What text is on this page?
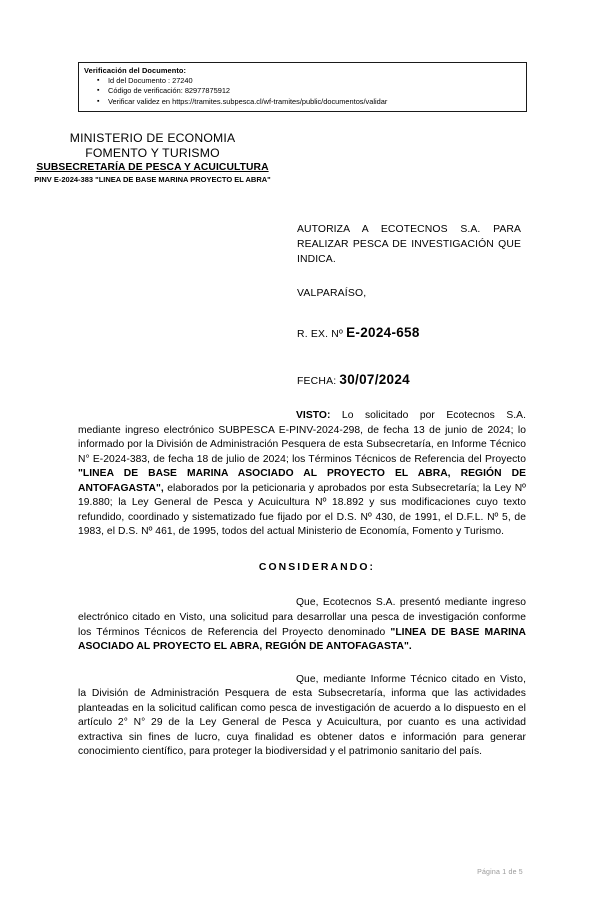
Verificación del Documento:
▪ Id del Documento : 27240
▪ Código de verificación: 82977875912
▪ Verificar validez en https://tramites.subpesca.cl/wf-tramites/public/documentos/validar
MINISTERIO DE ECONOMIA
FOMENTO Y TURISMO
SUBSECRETARÍA DE PESCA Y ACUICULTURA
PINV E-2024-383 "LINEA DE BASE MARINA PROYECTO EL ABRA"
AUTORIZA A ECOTECNOS S.A. PARA REALIZAR PESCA DE INVESTIGACIÓN QUE INDICA.
VALPARAÍSO,
R. EX. Nº E-2024-658
FECHA: 30/07/2024

VISTO: Lo solicitado por Ecotecnos S.A. mediante ingreso electrónico SUBPESCA E-PINV-2024-298, de fecha 13 de junio de 2024; lo informado por la División de Administración Pesquera de esta Subsecretaría, en Informe Técnico N° E-2024-383, de fecha 18 de julio de 2024; los Términos Técnicos de Referencia del Proyecto "LINEA DE BASE MARINA ASOCIADO AL PROYECTO EL ABRA, REGIÓN DE ANTOFAGASTA", elaborados por la peticionaria y aprobados por esta Subsecretaría; la Ley Nº 19.880; la Ley General de Pesca y Acuicultura Nº 18.892 y sus modificaciones cuyo texto refundido, coordinado y sistematizado fue fijado por el D.S. Nº 430, de 1991, el D.F.L. Nº 5, de 1983, el D.S. Nº 461, de 1995, todos del actual Ministerio de Economía, Fomento y Turismo.

CONSIDERANDO:

Que, Ecotecnos S.A. presentó mediante ingreso electrónico citado en Visto, una solicitud para desarrollar una pesca de investigación conforme los Términos Técnicos de Referencia del Proyecto denominado "LINEA DE BASE MARINA ASOCIADO AL PROYECTO EL ABRA, REGIÓN DE ANTOFAGASTA".

Que, mediante Informe Técnico citado en Visto, la División de Administración Pesquera de esta Subsecretaría, informa que las actividades planteadas en la solicitud califican como pesca de investigación de acuerdo a lo dispuesto en el artículo 2° N° 29 de la Ley General de Pesca y Acuicultura, por cuanto es una actividad extractiva sin fines de lucro, cuya finalidad es obtener datos e información para generar conocimiento científico, para proteger la biodiversidad y el patrimonio sanitario del país.

Página 1 de 5
